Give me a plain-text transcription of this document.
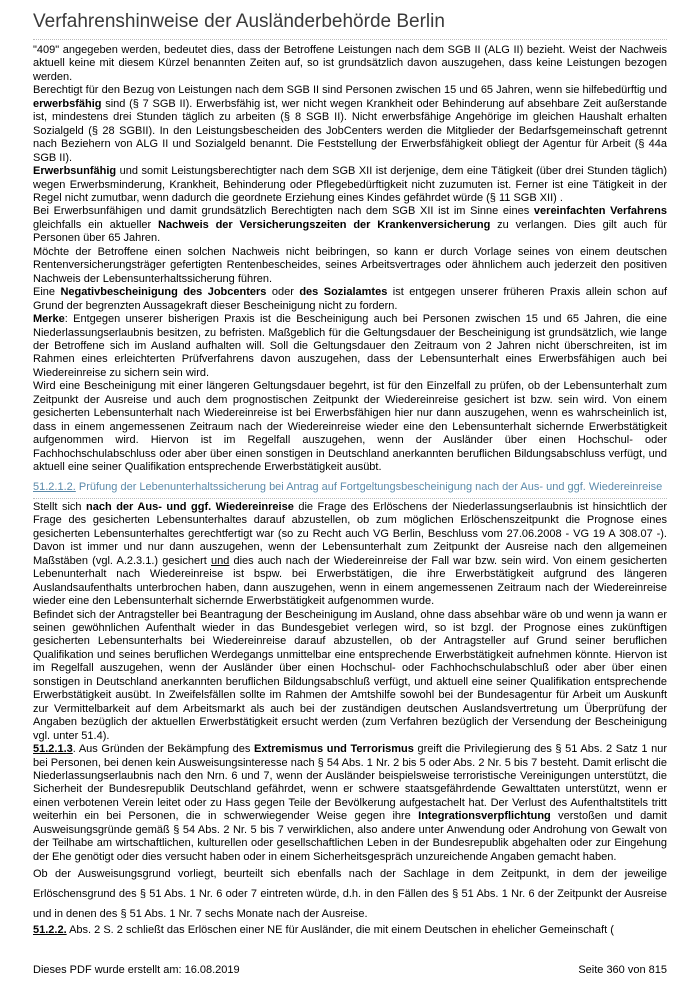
Verfahrenshinweise der Ausländerbehörde Berlin

"409" angegeben werden, bedeutet dies, dass der Betroffene Leistungen nach dem SGB II (ALG II) bezieht. Weist der Nachweis aktuell keine mit diesem Kürzel benannten Zeiten auf, so ist grundsätzlich davon auszugehen, dass keine Leistungen bezogen werden.

Berechtigt für den Bezug von Leistungen nach dem SGB II sind Personen zwischen 15 und 65 Jahren, wenn sie hilfebedürftig und erwerbsfähig sind (§ 7 SGB II). Erwerbsfähig ist, wer nicht wegen Krankheit oder Behinderung auf absehbare Zeit außerstande ist, mindestens drei Stunden täglich zu arbeiten (§ 8 SGB II). Nicht erwerbsfähige Angehörige im gleichen Haushalt erhalten Sozialgeld (§ 28 SGBII). In den Leistungsbescheiden des JobCenters werden die Mitglieder der Bedarfsgemeinschaft getrennt nach Beziehern von ALG II und Sozialgeld benannt. Die Feststellung der Erwerbsfähigkeit obliegt der Agentur für Arbeit (§ 44a SGB II).

Erwerbsunfähig und somit Leistungsberechtigter nach dem SGB XII ist derjenige, dem eine Tätigkeit (über drei Stunden täglich) wegen Erwerbsminderung, Krankheit, Behinderung oder Pflegebedürftigkeit nicht zuzumuten ist. Ferner ist eine Tätigkeit in der Regel nicht zumutbar, wenn dadurch die geordnete Erziehung eines Kindes gefährdet würde (§ 11 SGB XII) .

Bei Erwerbsunfähigen und damit grundsätzlich Berechtigten nach dem SGB XII ist im Sinne eines vereinfachten Verfahrens gleichfalls ein aktueller Nachweis der Versicherungszeiten der Krankenversicherung zu verlangen. Dies gilt auch für Personen über 65 Jahren.

Möchte der Betroffene einen solchen Nachweis nicht beibringen, so kann er durch Vorlage seines von einem deutschen Rentenversicherungsträger gefertigten Rentenbescheides, seines Arbeitsvertrages oder ähnlichem auch jederzeit den positiven Nachweis der Lebensunterhaltssicherung führen.

Eine Negativbescheinigung des Jobcenters oder des Sozialamtes ist entgegen unserer früheren Praxis allein schon auf Grund der begrenzten Aussagekraft dieser Bescheinigung nicht zu fordern.

Merke: Entgegen unserer bisherigen Praxis ist die Bescheinigung auch bei Personen zwischen 15 und 65 Jahren, die eine Niederlassungserlaubnis besitzen, zu befristen. Maßgeblich für die Geltungsdauer der Bescheinigung ist grundsätzlich, wie lange der Betroffene sich im Ausland aufhalten will. Soll die Geltungsdauer den Zeitraum von 2 Jahren nicht überschreiten, ist im Rahmen eines erleichterten Prüfverfahrens davon auszugehen, dass der Lebensunterhalt eines Erwerbsfähigen auch bei Wiedereinreise zu sichern sein wird.

Wird eine Bescheinigung mit einer längeren Geltungsdauer begehrt, ist für den Einzelfall zu prüfen, ob der Lebensunterhalt zum Zeitpunkt der Ausreise und auch dem prognostischen Zeitpunkt der Wiedereinreise gesichert ist bzw. sein wird. Von einem gesicherten Lebensunterhalt nach Wiedereinreise ist bei Erwerbsfähigen hier nur dann auszugehen, wenn es wahrscheinlich ist, dass in einem angemessenen Zeitraum nach der Wiedereinreise wieder eine den Lebensunterhalt sichernde Erwerbstätigkeit aufgenommen wird. Hiervon ist im Regelfall auszugehen, wenn der Ausländer über einen Hochschul- oder Fachhochschulabschluss oder aber über einen sonstigen in Deutschland anerkannten beruflichen Bildungsabschluss verfügt, und aktuell eine seiner Qualifikation entsprechende Erwerbstätigkeit ausübt.

51.2.1.2. Prüfung der Lebenunterhaltssicherung bei Antrag auf Fortgeltungsbescheinigung nach der Aus- und ggf. Wiedereinreise

Stellt sich nach der Aus- und ggf. Wiedereinreise die Frage des Erlöschens der Niederlassungserlaubnis ist hinsichtlich der Frage des gesicherten Lebensunterhaltes darauf abzustellen, ob zum möglichen Erlöschenszeitpunkt die Prognose eines gesicherten Lebensunterhaltes gerechtfertigt war (so zu Recht auch VG Berlin, Beschluss vom 27.06.2008 - VG 19 A 308.07 -). Davon ist immer und nur dann auszugehen, wenn der Lebensunterhalt zum Zeitpunkt der Ausreise nach den allgemeinen Maßstäben (vgl. A.2.3.1.) gesichert und dies auch nach der Wiedereinreise der Fall war bzw. sein wird. Von einem gesicherten Lebenunterhalt nach Wiedereinreise ist bspw. bei Erwerbstätigen, die ihre Erwerbstätigkeit aufgrund des längeren Auslandsaufenthalts unterbrochen haben, dann auszugehen, wenn in einem angemessenen Zeitraum nach der Wiedereinreise wieder eine den Lebensunterhalt sichernde Erwerbstätigkeit aufgenommen wurde.

Befindet sich der Antragsteller bei Beantragung der Bescheinigung im Ausland, ohne dass absehbar wäre ob und wenn ja wann er seinen gewöhnlichen Aufenthalt wieder in das Bundesgebiet verlegen wird, so ist bzgl. der Prognose eines zukünftigen gesicherten Lebensunterhalts bei Wiedereinreise darauf abzustellen, ob der Antragsteller auf Grund seiner beruflichen Qualifikation und seines beruflichen Werdegangs unmittelbar eine entsprechende Erwerbstätigkeit aufnehmen könnte. Hiervon ist im Regelfall auszugehen, wenn der Ausländer über einen Hochschul- oder Fachhochschulabschluß oder aber über einen sonstigen in Deutschland anerkannten beruflichen Bildungsabschluß verfügt, und aktuell eine seiner Qualifikation entsprechende Erwerbstätigkeit ausübt. In Zweifelsfällen sollte im Rahmen der Amtshilfe sowohl bei der Bundesagentur für Arbeit um Auskunft zur Vermittelbarkeit auf dem Arbeitsmarkt als auch bei der zuständigen deutschen Auslandsvertretung um Überprüfung der Angaben bezüglich der aktuellen Erwerbstätigkeit ersucht werden (zum Verfahren bezüglich der Versendung der Bescheinigung vgl. unter 51.4).

51.2.1.3. Aus Gründen der Bekämpfung des Extremismus und Terrorismus greift die Privilegierung des § 51 Abs. 2 Satz 1 nur bei Personen, bei denen kein Ausweisungsinteresse nach § 54 Abs. 1 Nr. 2 bis 5 oder Abs. 2 Nr. 5 bis 7 besteht. Damit erlischt die Niederlassungserlaubnis nach den Nrn. 6 und 7, wenn der Ausländer beispielsweise terroristische Vereinigungen unterstützt, die Sicherheit der Bundesrepublik Deutschland gefährdet, wenn er schwere staatsgefährdende Gewalttaten unterstützt, wenn er einen verbotenen Verein leitet oder zu Hass gegen Teile der Bevölkerung aufgestachelt hat. Der Verlust des Aufenthaltstitels tritt weiterhin ein bei Personen, die in schwerwiegender Weise gegen ihre Integrationsverpflichtung verstoßen und damit Ausweisungsgründe gemäß § 54 Abs. 2 Nr. 5 bis 7 verwirklichen, also andere unter Anwendung oder Androhung von Gewalt von der Teilhabe am wirtschaftlichen, kulturellen oder gesellschaftlichen Leben in der Bundesrepublik abgehalten oder zur Eingehung der Ehe genötigt oder dies versucht haben oder in einem Sicherheitsgespräch unzureichende Angaben gemacht haben.

Ob der Ausweisungsgrund vorliegt, beurteilt sich ebenfalls nach der Sachlage in dem Zeitpunkt, in dem der jeweilige Erlöschensgrund des § 51 Abs. 1 Nr. 6 oder 7 eintreten würde, d.h. in den Fällen des § 51 Abs. 1 Nr. 6 der Zeitpunkt der Ausreise und in denen des § 51 Abs. 1 Nr. 7 sechs Monate nach der Ausreise.

51.2.2. Abs. 2 S. 2 schließt das Erlöschen einer NE für Ausländer, die mit einem Deutschen in ehelicher Gemeinschaft (

Dieses PDF wurde erstellt am: 16.08.2019	Seite 360 von 815
